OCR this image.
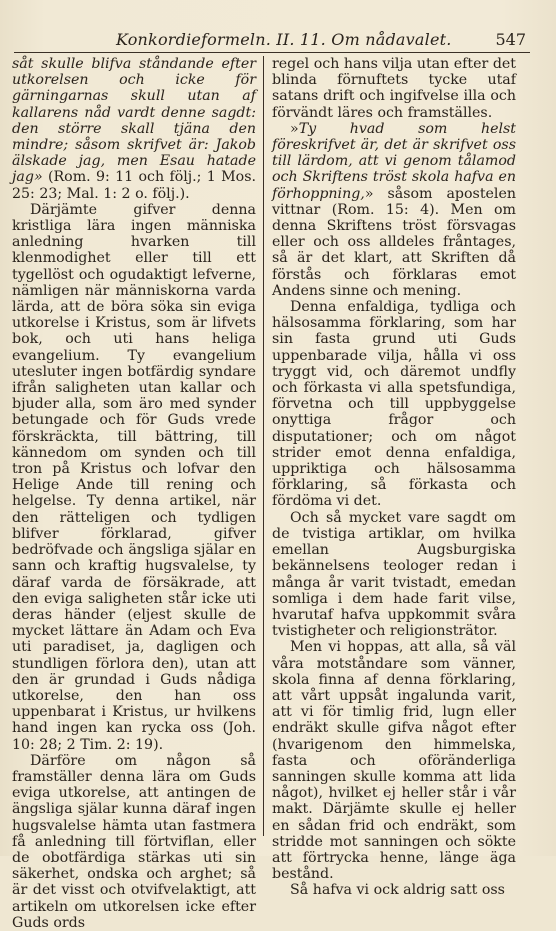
Konkordieformeln. II. 11. Om nådavalet.	547

såt skulle blifva ståndande efter utkorelsen och icke för gärningarnas skull utan af kallarens nåd vardt denne sagdt: den större skall tjäna den mindre; såsom skrifvet är: Jakob älskade jag, men Esau hatade jag» (Rom. 9: 11 och följ.; 1 Mos. 25: 23; Mal. 1: 2 o. följ.).

Därjämte gifver denna kristliga lära ingen människa anledning hvarken till klenmodighet eller till ett tygellöst och ogudaktigt lefverne, nämligen när människorna varda lärda, att de böra söka sin eviga utkorelse i Kristus, som är lifvets bok, och uti hans heliga evangelium. Ty evangelium utesluter ingen botfärdig syndare ifrån saligheten utan kallar och bjuder alla, som äro med synder betungade och för Guds vrede förskräckta, till bättring, till kännedom om synden och till tron på Kristus och lofvar den Helige Ande till rening och helgelse. Ty denna artikel, när den rätteligen och tydligen blifver förklarad, gifver bedröfvade och ängsliga själar en sann och kraftig hugsvalelse, ty däraf varda de försäkrade, att den eviga saligheten står icke uti deras händer (eljest skulle de mycket lättare än Adam och Eva uti paradiset, ja, dagligen och stundligen förlora den), utan att den är grundad i Guds nådiga utkorelse, den han oss uppenbarat i Kristus, ur hvilkens hand ingen kan rycka oss (Joh. 10: 28; 2 Tim. 2: 19).

Därföre om någon så framställer denna lära om Guds eviga utkorelse, att antingen de ängsliga själar kunna däraf ingen hugsvalelse hämta utan fastmera få anledning till förtviflan, eller de obotfärdiga stärkas uti sin säkerhet, ondska och arghet; så är det visst och otvifvelaktigt, att artikeln om utkorelsen icke efter Guds ords

regel och hans vilja utan efter det blinda förnuftets tycke utaf satans drift och ingifvelse illa och förvändt läres och framställes.

»Ty hvad som helst föreskrifvet är, det är skrifvet oss till lärdom, att vi genom tålamod och Skriftens tröst skola hafva en förhoppning,» såsom apostelen vittnar (Rom. 15: 4). Men om denna Skriftens tröst försvagas eller och oss alldeles fråntages, så är det klart, att Skriften då förstås och förklaras emot Andens sinne och mening.

Denna enfaldiga, tydliga och hälsosamma förklaring, som har sin fasta grund uti Guds uppenbarade vilja, hålla vi oss tryggt vid, och däremot undfly och förkasta vi alla spetsfundiga, förvetna och till uppbyggelse onyttiga frågor och disputationer; och om något strider emot denna enfaldiga, uppriktiga och hälsosamma förklaring, så förkasta och fördöma vi det.

Och så mycket vare sagdt om de tvistiga artiklar, om hvilka emellan Augsburgiska bekännelsens teologer redan i många år varit tvistadt, emedan somliga i dem hade farit vilse, hvarutaf hafva uppkommit svåra tvistigheter och religionsträtor.

Men vi hoppas, att alla, så väl våra motståndare som vänner, skola finna af denna förklaring, att vårt uppsåt ingalunda varit, att vi för timlig frid, lugn eller endräkt skulle gifva något efter (hvarigenom den himmelska, fasta och oföränderliga sanningen skulle komma att lida något), hvilket ej heller står i vår makt. Därjämte skulle ej heller en sådan frid och endräkt, som stridde mot sanningen och sökte att förtrycka henne, länge äga bestånd.

Så hafva vi ock aldrig satt oss
